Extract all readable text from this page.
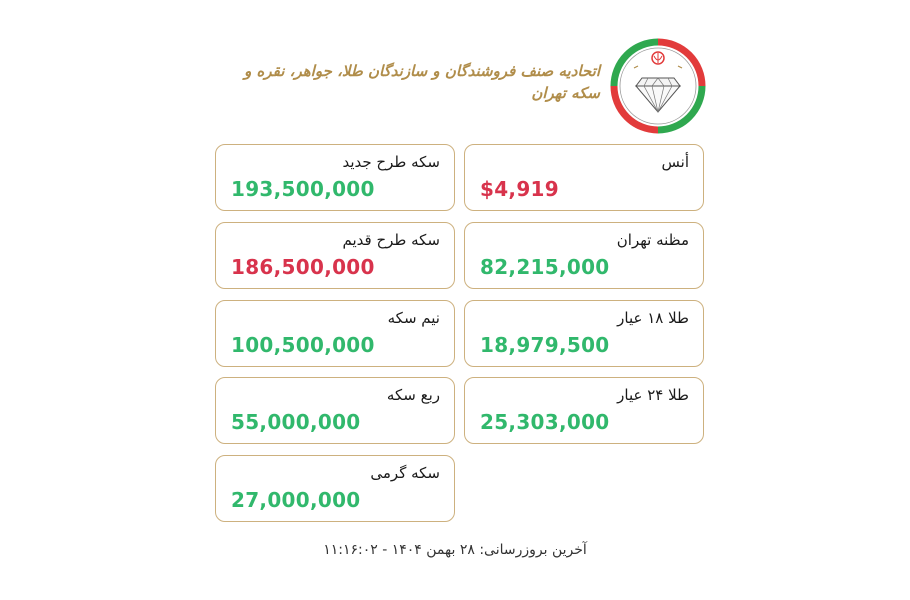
اتحادیه صنف فروشندگان و سازندگان طلا، جواهر، نقره و سکه تهران
أنس
$4,919
مظنه تهران
82,215,000
طلا ۱۸ عیار
18,979,500
طلا ۲۴ عیار
25,303,000
سکه طرح جدید
193,500,000
سکه طرح قدیم
186,500,000
نیم سکه
100,500,000
ربع سکه
55,000,000
سکه گرمی
27,000,000
آخرین بروزرسانی: ۲۸ بهمن ۱۴۰۴ - ۱۱:۱۶:۰۲
